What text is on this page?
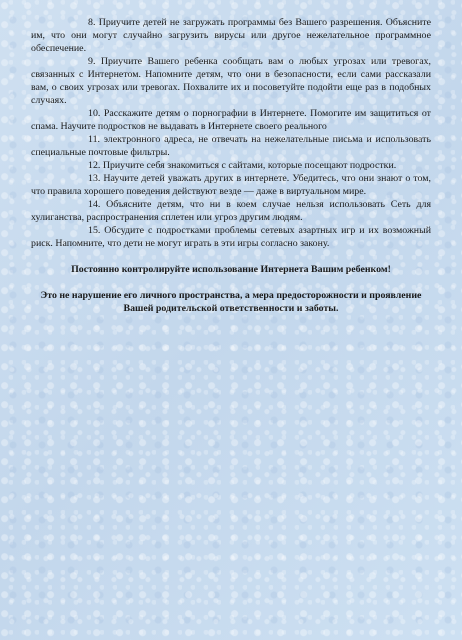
8. Приучите детей не загружать программы без Вашего разрешения. Объясните им, что они могут случайно загрузить вирусы или другое нежелательное программное обеспечение.

9. Приучите Вашего ребенка сообщать вам о любых угрозах или тревогах, связанных с Интернетом. Напомните детям, что они в безопасности, если сами рассказали вам, о своих угрозах или тревогах. Похвалите их и посоветуйте подойти еще раз в подобных случаях.

10. Расскажите детям о порнографии в Интернете. Помогите им защититься от спама. Научите подростков не выдавать в Интернете своего реального

11. электронного адреса, не отвечать на нежелательные письма и использовать специальные почтовые фильтры.

12. Приучите себя знакомиться с сайтами, которые посещают подростки.

13. Научите детей уважать других в интернете. Убедитесь, что они знают о том, что правила хорошего поведения действуют везде — даже в виртуальном мире.

14. Объясните детям, что ни в коем случае нельзя использовать Сеть для хулиганства, распространения сплетен или угроз другим людям.

15. Обсудите с подростками проблемы сетевых азартных игр и их возможный риск. Напомните, что дети не могут играть в эти игры согласно закону.

Постоянно контролируйте использование Интернета Вашим ребенком!

Это не нарушение его личного пространства, а мера предосторожности и проявление Вашей родительской ответственности и заботы.
